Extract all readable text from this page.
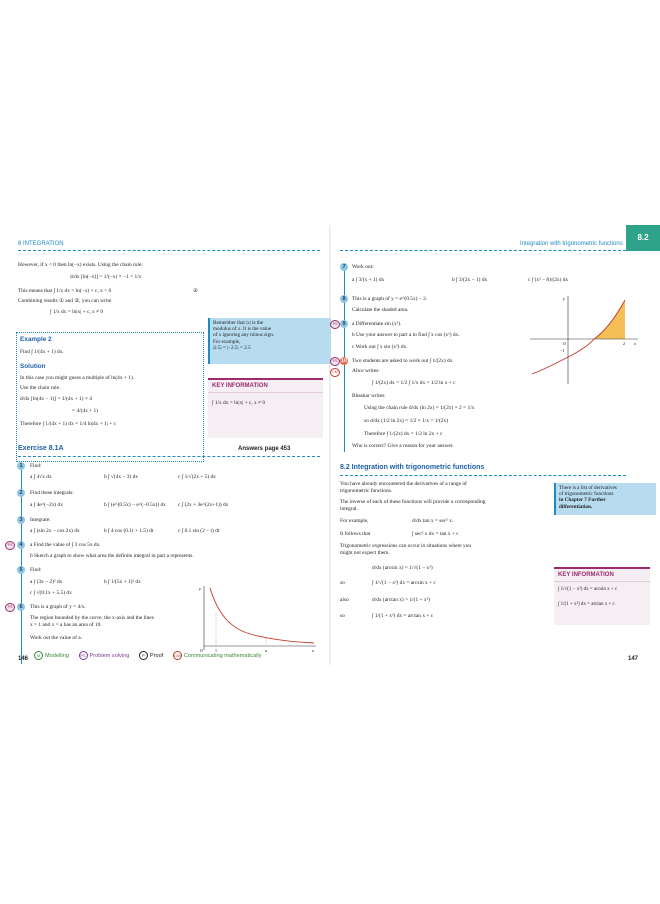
8 INTEGRATION
However, if x < 0 then ln(−x) exists. Using the chain rule:
d/dx [ln(−x)] = 1/(−x) × −1 = 1/x
This means that ∫ 1/x dx = ln(−x) + c, x < 0	②
Combining results ① and ②, you can write
∫ 1/x dx = ln|x| + c, x ≠ 0
Remember that |x| is the
modulus of x. It is the value
of x ignoring any minus sign.
For example,
|2.5| = |−2.5| = 2.5
Example 2
Find ∫ 1/(4x + 1) dx.
Solution
In this case you might guess a multiple of ln(4x + 1).
Use the chain rule.
d/dx [ln(4x − 1)] = 1/(4x + 1) × 4
= 4/(4x + 1)
Therefore ∫ 1/(4x + 1) dx = 1/4 ln|4x + 1| + c
KEY INFORMATION
∫ 1/x dx = ln|x| + c, x ≠ 0
Exercise 8.1A	Answers page 453
1	Find:
a ∫ 4√x dx	b ∫ √(4x − 3) dx	c ∫ 1/√(2x + 5) dx
2	Find these integrals:
a ∫ 4e^(−2x) dx	b ∫ (e^(0.5x) − e^(−0.5x)) dx c ∫ (2x + 3e^(2x+1)) dx
3	Integrate:
a ∫ (sin 2x − cos 2x) dx	b ∫ 4 cos (0.1t + 1.5) dt	c ∫ 0.1 sin (2 − t) dt
PS	4	a Find the value of ∫ 3 cos 5x dx.
b Sketch a graph to show what area the definite integral in part a represents.
5	Find:
a ∫ (3x − 2)² dx	b ∫ 1/(5x + 1)² dx
c ∫ √(0.1x + 5.5) dx
PS	6	This is a graph of y = 4/x.
The region bounded by the curve, the x-axis and the lines
x = 1 and x = a has an area of 10.
Work out the value of a.
y
x
O	1	a
146
M Modelling	PS Problem solving	P Proof	CM Communicating mathematically
Integration with trigonometric functions
8.2
7	Work out:
a ∫ 3/(x + 1) dx	b ∫ 3/(2x − 1) dx	c ∫ (x² − 8)/(2x) dx
8	This is a graph of y = e^(0.5x) − 2.
Calculate the shaded area.
y
x
O	2
−1
PS 9	a Differentiate sin (x²).
b Use your answer to part a to find ∫ x cos (x²) dx.
c Work out ∫ x sin (x²) dx.
PS 10
CM
Two students are asked to work out ∫ 1/(2x) dx.
Alice writes:
∫ 1/(2x) dx = 1/2 ∫ 1/x dx = 1/2 ln x + c
Bhaskar writes:
Using the chain rule d/dx (ln 2x) = 1/(2x) × 2 = 1/x
so d/dx (1/2 ln 2x) = 1/2 × 1/x = 1/(2x)
Therefore ∫ 1/(2x) dx = 1/2 ln 2x + c
Who is correct? Give a reason for your answer.
8.2 Integration with trigonometric functions
You have already encountered the derivatives of a range of
trigonometric functions.
The inverse of each of these functions will provide a corresponding
integral.
For example,	d/dx tan x = sec² x.
It follows that	∫ sec² x dx = tan x + c
Trigonometric expressions can occur in situations where you
might not expect them.
d/dx (arcsin x) = 1/√(1 − x²)
so	∫ 1/√(1 − x²) dx = arcsin x + c
also	d/dx (arctan x) = 1/(1 + x²)
so	∫ 1/(1 + x²) dx = arctan x + c
There is a list of derivatives
of trigonometric functions
in Chapter 7 Further
differentiation.
KEY INFORMATION
∫ 1/√(1 − x²) dx = arcsin x + c
∫ 1/(1 + x²) dx = arctan x + c
147
